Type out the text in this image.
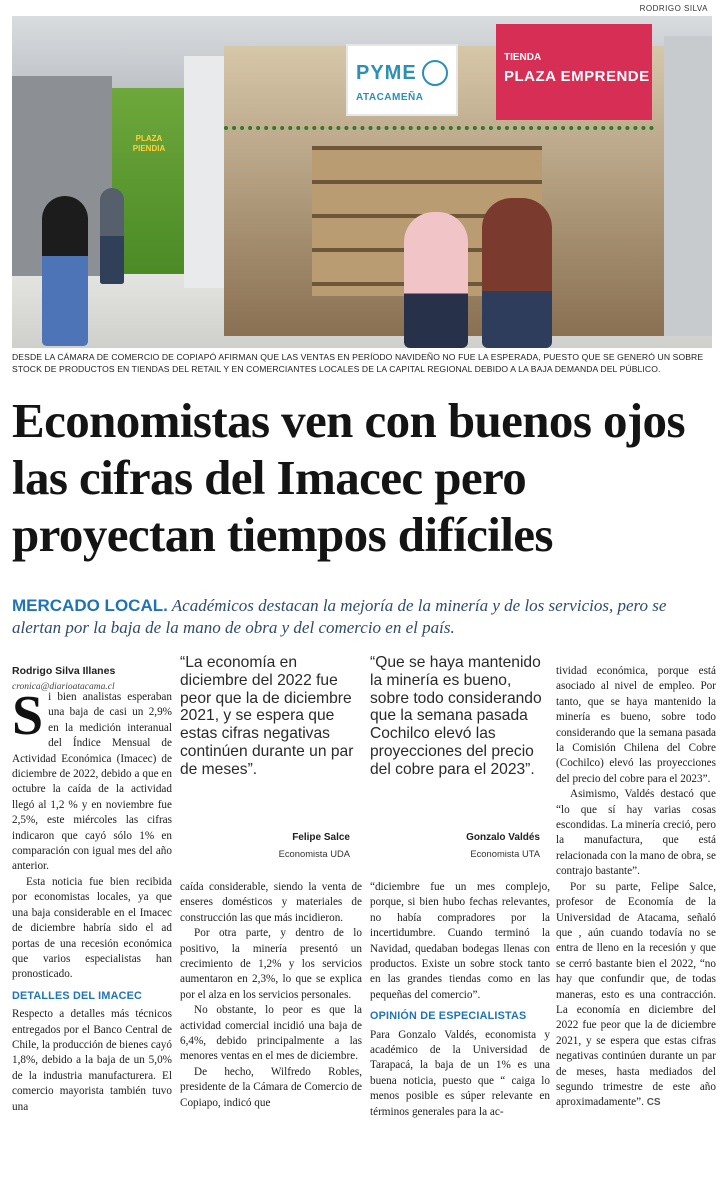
RODRIGO SILVA
PLAZA PIENDIA
PYME
ATACAMEÑA
TIENDA
PLAZA EMPRENDE
DESDE LA CÁMARA DE COMERCIO DE COPIAPÓ AFIRMAN QUE LAS VENTAS EN PERÍODO NAVIDEÑO NO FUE LA ESPERADA, PUESTO QUE SE GENERÓ UN SOBRE STOCK DE PRODUCTOS EN TIENDAS DEL RETAIL Y EN COMERCIANTES LOCALES DE LA CAPITAL REGIONAL DEBIDO A LA BAJA DEMANDA DEL PÚBLICO.
Economistas ven con buenos ojos las cifras del Imacec pero proyectan tiempos difíciles
MERCADO LOCAL. Académicos destacan la mejoría de la minería y de los servicios, pero se alertan por la baja de la mano de obra y del comercio en el país.
Rodrigo Silva Illanes
cronica@diarioatacama.cl

Si bien analistas esperaban una baja de casi un 2,9% en la medición interanual del Índice Mensual de Actividad Económica (Imacec) de diciembre de 2022, debido a que en octubre la caída de la actividad llegó al 1,2 % y en noviembre fue 2,5%, este miércoles las cifras indicaron que cayó sólo 1% en comparación con igual mes del año anterior.

Esta noticia fue bien recibida por economistas locales, ya que una baja considerable en el Imacec de diciembre habría sido el ad portas de una recesión económica que varios especialistas han pronosticado.

DETALLES DEL IMACEC

Respecto a detalles más técnicos entregados por el Banco Central de Chile, la producción de bienes cayó 1,8%, debido a la baja de un 5,0% de la industria manufacturera. El comercio mayorista también tuvo una

“La economía en diciembre del 2022 fue peor que la de diciembre 2021, y se espera que estas cifras negativas continúen durante un par de meses”.
Felipe Salce
Economista UDA
“Que se haya mantenido la minería es bueno, sobre todo considerando que la semana pasada Cochilco elevó las proyecciones del precio del cobre para el 2023”.
Gonzalo Valdés
Economista UTA

caída considerable, siendo la venta de enseres domésticos y materiales de construcción las que más incidieron.

Por otra parte, y dentro de lo positivo, la minería presentó un crecimiento de 1,2% y los servicios aumentaron en 2,3%, lo que se explica por el alza en los servicios personales.

No obstante, lo peor es que la actividad comercial incidió una baja de 6,4%, debido principalmente a las menores ventas en el mes de diciembre.

De hecho, Wilfredo Robles, presidente de la Cámara de Comercio de Copiapo, indicó que

“diciembre fue un mes complejo, porque, si bien hubo fechas relevantes, no había compradores por la incertidumbre. Cuando terminó la Navidad, quedaban bodegas llenas con productos. Existe un sobre stock tanto en las grandes tiendas como en las pequeñas del comercio”.

OPINIÓN DE ESPECIALISTAS

Para Gonzalo Valdés, economista y académico de la Universidad de Tarapacá, la baja de un 1% es una buena noticia, puesto que “ caiga lo menos posible es súper relevante en términos generales para la ac-

tividad económica, porque está asociado al nivel de empleo. Por tanto, que se haya mantenido la minería es bueno, sobre todo considerando que la semana pasada la Comisión Chilena del Cobre (Cochilco) elevó las proyecciones del precio del cobre para el 2023”.

Asimismo, Valdés destacó que “lo que sí hay varias cosas escondidas. La minería creció, pero la manufactura, que está relacionada con la mano de obra, se contrajo bastante”.

Por su parte, Felipe Salce, profesor de Economía de la Universidad de Atacama, señaló que , aún cuando todavía no se entra de lleno en la recesión y que se cerró bastante bien el 2022, “no hay que confundir que, de todas maneras, esto es una contracción. La economía en diciembre del 2022 fue peor que la de diciembre 2021, y se espera que estas cifras negativas continúen durante un par de meses, hasta mediados del segundo trimestre de este año aproximadamente”. CS
